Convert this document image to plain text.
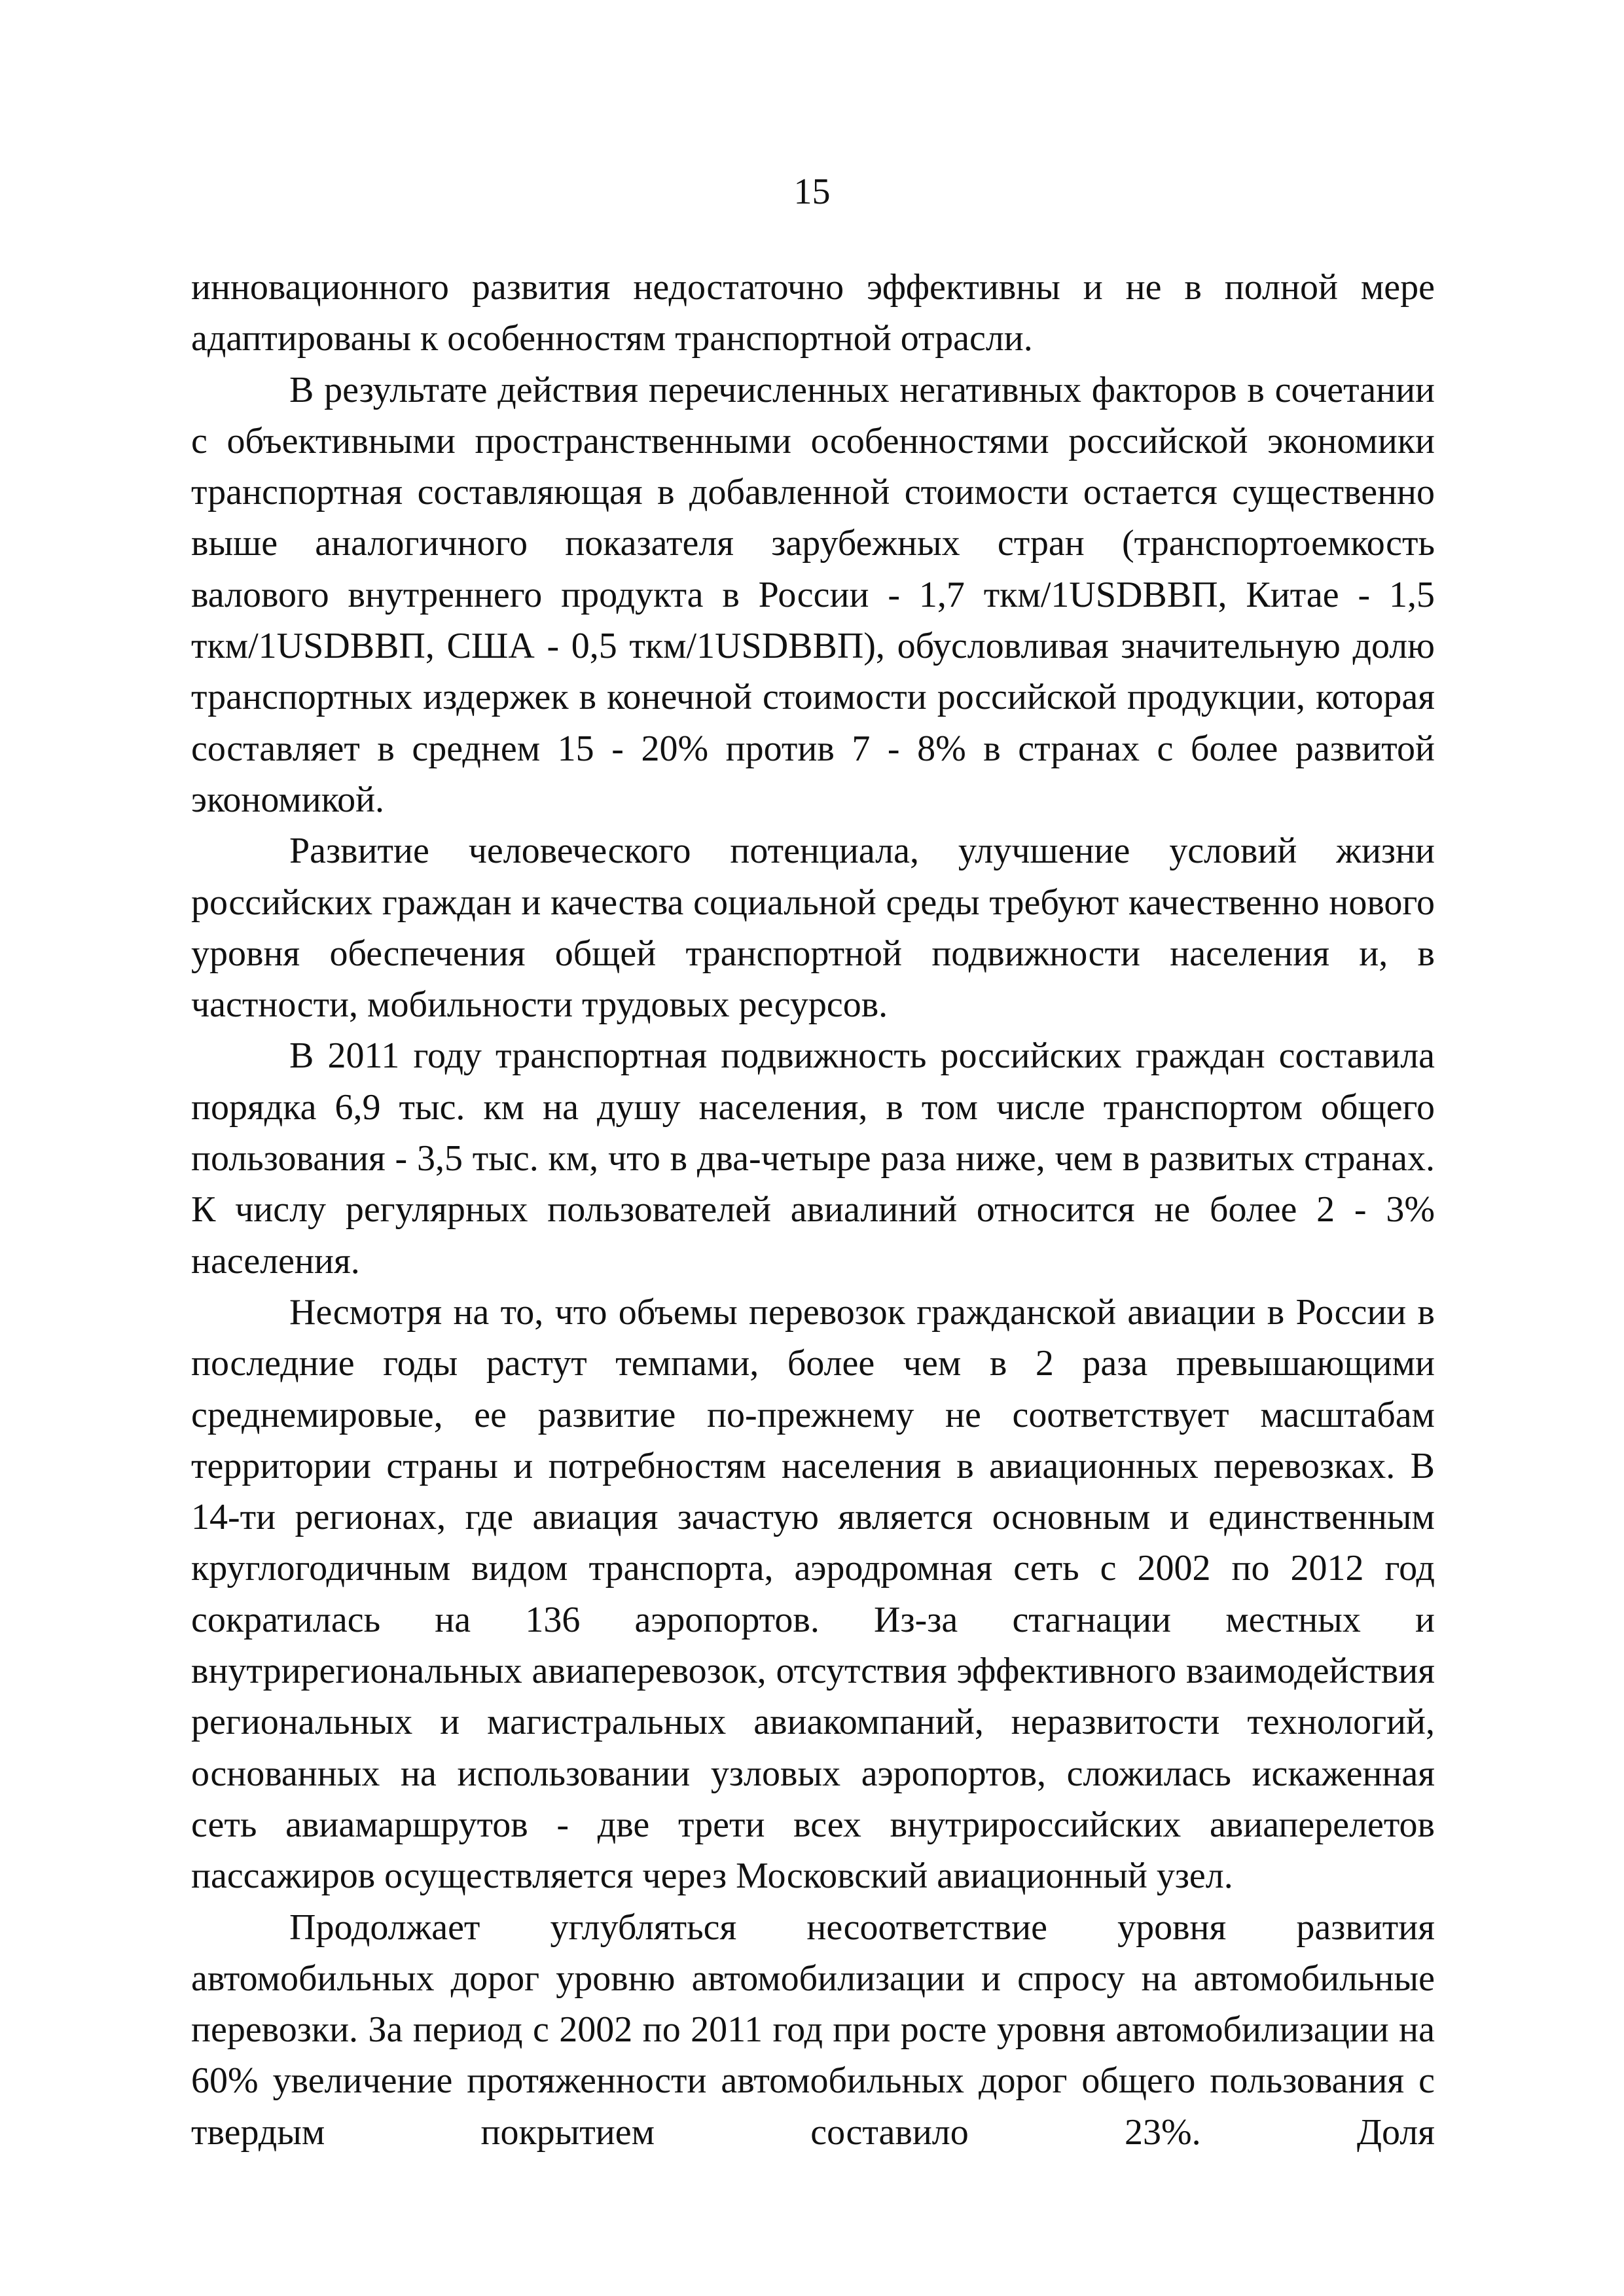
15

инновационного развития недостаточно эффективны и не в полной мере адаптированы к особенностям транспортной отрасли.

В результате действия перечисленных негативных факторов в сочетании с объективными пространственными особенностями российской экономики транспортная составляющая в добавленной стоимости остается существенно выше аналогичного показателя зарубежных стран (транспортоемкость валового внутреннего продукта в России - 1,7 ткм/1USDВВП, Китае - 1,5 ткм/1USDВВП, США - 0,5 ткм/1USDВВП), обусловливая значительную долю транспортных издержек в конечной стоимости российской продукции, которая составляет в среднем 15 - 20% против 7 - 8% в странах с более развитой экономикой.

Развитие человеческого потенциала, улучшение условий жизни российских граждан и качества социальной среды требуют качественно нового уровня обеспечения общей транспортной подвижности населения и, в частности, мобильности трудовых ресурсов.

В 2011 году транспортная подвижность российских граждан составила порядка 6,9 тыс. км на душу населения, в том числе транспортом общего пользования - 3,5 тыс. км, что в два-четыре раза ниже, чем в развитых странах. К числу регулярных пользователей авиалиний относится не более 2 - 3% населения.

Несмотря на то, что объемы перевозок гражданской авиации в России в последние годы растут темпами, более чем в 2 раза превышающими среднемировые, ее развитие по-прежнему не соответствует масштабам территории страны и потребностям населения в авиационных перевозках. В 14-ти регионах, где авиация зачастую является основным и единственным круглогодичным видом транспорта, аэродромная сеть с 2002 по 2012 год сократилась на 136 аэропортов. Из-за стагнации местных и внутрирегиональных авиаперевозок, отсутствия эффективного взаимодействия региональных и магистральных авиакомпаний, неразвитости технологий, основанных на использовании узловых аэропортов, сложилась искаженная сеть авиамаршрутов - две трети всех внутрироссийских авиаперелетов пассажиров осуществляется через Московский авиационный узел.

Продолжает углубляться несоответствие уровня развития автомобильных дорог уровню автомобилизации и спросу на автомобильные перевозки. За период с 2002 по 2011 год при росте уровня автомобилизации на 60% увеличение протяженности автомобильных дорог общего пользования с твердым покрытием составило 23%. Доля
